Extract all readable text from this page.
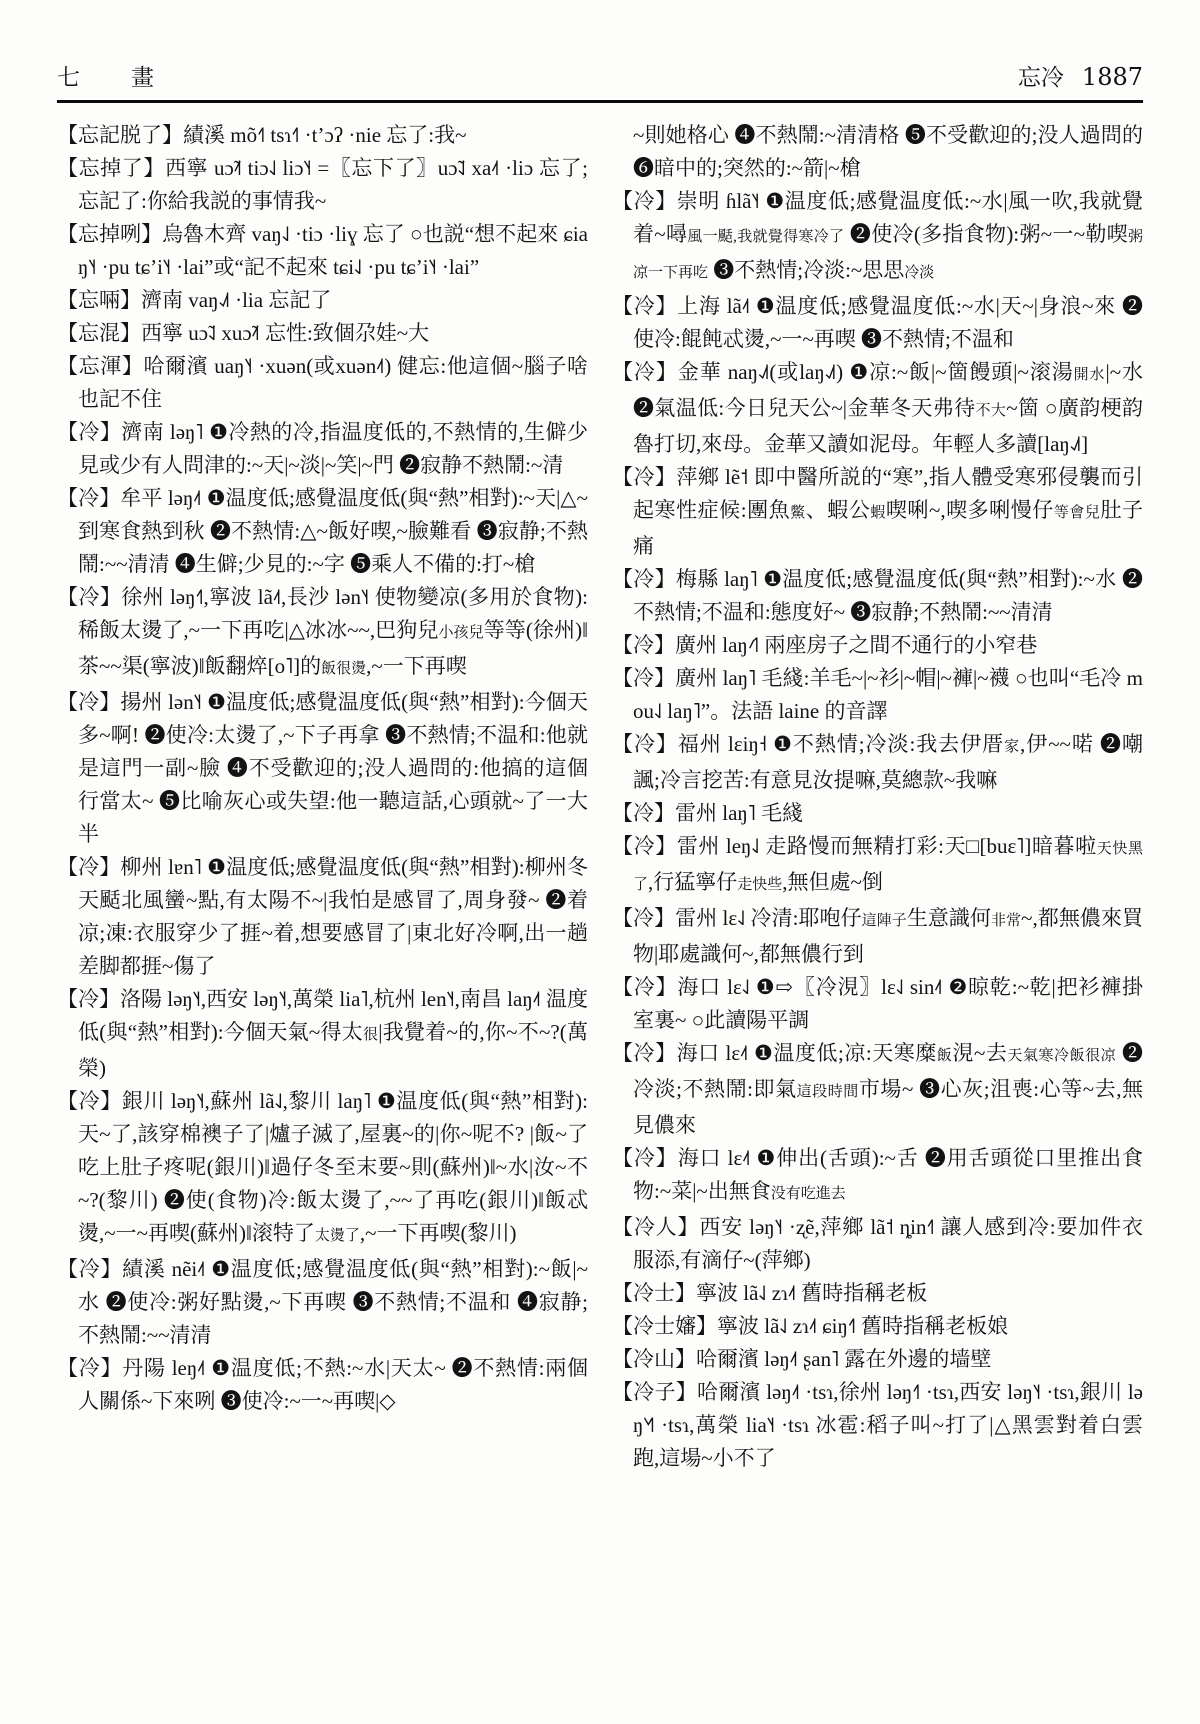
七　畫	忘冷 1887

【忘記脱了】績溪 mõ˧˥ tsɿ˧˥ ·tʼɔʔ ·nie 忘了:我~

【忘掉了】西寧 uɔ̃˨˦ tiɔ˨˩ liɔ˥˧ =〖忘下了〗uɔ̃˨˩ xa˨˦ ·liɔ 忘了;忘記了:你給我説的事情我~

【忘掉咧】烏魯木齊 vaŋ˨˩ ·tiɔ ·liɣ 忘了 ○也説“想不起來 ɕiaŋ˥˧ ·pu tɕʼi˥˧ ·lai”或“記不起來 tɕi˨˩ ·pu tɕʼi˥˧ ·lai”

【忘啢】濟南 vaŋ˨˩˦ ·lia 忘記了

【忘混】西寧 uɔ̃˨˩ xuɔ̃˨˦ 忘性:致個尕娃~大

【忘渾】哈爾濱 uaŋ˥˧ ·xuən(或xuən˨˦) 健忘:他這個~腦子啥也記不住

【冷】濟南 ləŋ˥ ❶冷熱的冷,指温度低的,不熱情的,生僻少見或少有人問津的:~天|~淡|~笑|~門 ❷寂静不熱鬧:~清

【冷】牟平 ləŋ˨˦ ❶温度低;感覺温度低(與“熱”相對):~天|△~到寒食熱到秋 ❷不熱情:△~飯好喫,~臉難看 ❸寂静;不熱鬧:~~清清 ❹生僻;少見的:~字 ❺乘人不備的:打~槍

【冷】徐州 ləŋ˧˥,寧波 lã˨˦,長沙 lən˥˧ 使物變凉(多用於食物):稀飯太燙了,~一下再吃|△冰冰~~,巴狗兒小孩兒等等(徐州)‖茶~~渠(寧波)‖飯翻焠[o˥]的飯很燙,~一下再喫

【冷】揚州 lən˥˧ ❶温度低;感覺温度低(與“熱”相對):今個天多~啊! ❷使冷:太燙了,~下子再拿 ❸不熱情;不温和:他就是這門一副~臉 ❹不受歡迎的;没人過問的:他搞的這個行當太~ ❺比喻灰心或失望:他一聽這話,心頭就~了一大半

【冷】柳州 lɐn˥ ❶温度低;感覺温度低(與“熱”相對):柳州冬天颳北風蠻~點,有太陽不~|我怕是感冒了,周身發~ ❷着凉;凍:衣服穿少了捱~着,想要感冒了|東北好冷啊,出一趟差脚都捱~傷了

【冷】洛陽 ləŋ˥˧,西安 ləŋ˥˧,萬榮 lia˥,杭州 len˥˧,南昌 laŋ˨˦ 温度低(與“熱”相對):今個天氣~得太很|我覺着~的,你~不~?(萬榮)

【冷】銀川 ləŋ˥˧,蘇州 lã˨˩,黎川 laŋ˥ ❶温度低(與“熱”相對):天~了,該穿棉襖子了|爐子滅了,屋裏~的|你~呢不? |飯~了吃上肚子疼呢(銀川)‖過仔冬至末要~則(蘇州)‖~水|汝~不~?(黎川) ❷使(食物)冷:飯太燙了,~~了再吃(銀川)‖飯忒燙,~一~再喫(蘇州)‖滚特了太燙了,~一下再喫(黎川)

【冷】績溪 nẽi˨˦ ❶温度低;感覺温度低(與“熱”相對):~飯|~水 ❷使冷:粥好點燙,~下再喫 ❸不熱情;不温和 ❹寂静;不熱鬧:~~清清

【冷】丹陽 leŋ˨˦ ❶温度低;不熱:~水|天太~ ❷不熱情:兩個人關係~下來咧 ❸使冷:~一~再喫|◇

~則她格心 ❹不熱鬧:~清清格 ❺不受歡迎的;没人過問的 ❻暗中的;突然的:~箭|~槍

【冷】崇明 ɦlã˥˧ ❶温度低;感覺温度低:~水|風一吹,我就覺着~噚風一颳,我就覺得寒冷了 ❷使冷(多指食物):粥~一~勒喫粥凉一下再吃 ❸不熱情;冷淡:~思思冷淡

【冷】上海 lã˨˦ ❶温度低;感覺温度低:~水|天~|身浪~來 ❷使冷:餛飩忒燙,~一~再喫 ❸不熱情;不温和

【冷】金華 naŋ˨˩˦(或laŋ˨˩˦) ❶凉:~飯|~箇饅頭|~滚湯開水|~水 ❷氣温低:今日兒天公~|金華冬天弗待不大~箇 ○廣韵梗韵魯打切,來母。金華又讀如泥母。年輕人多讀[laŋ˨˩˦]

【冷】萍鄉 lẽ˦ 即中醫所説的“寒”,指人體受寒邪侵襲而引起寒性症候:團魚鱉、蝦公蝦喫唎~,喫多唎慢仔等會兒肚子痛

【冷】梅縣 laŋ˥ ❶温度低;感覺温度低(與“熱”相對):~水 ❷不熱情;不温和:態度好~ ❸寂静;不熱鬧:~~清清

【冷】廣州 laŋ˨˦˥ 兩座房子之間不通行的小窄巷

【冷】廣州 laŋ˥ 毛綫:羊毛~|~衫|~帽|~褲|~襪 ○也叫“毛冷 mou˨˩ laŋ˥”。法語 laine 的音譯

【冷】福州 lɛiŋ˧ ❶不熱情;冷淡:我去伊厝家,伊~~喏 ❷嘲諷;冷言挖苦:有意見汝提嘛,莫總款~我嘛

【冷】雷州 laŋ˥ 毛綫

【冷】雷州 leŋ˨˩ 走路慢而無精打彩:天□[buɛ˥]暗暮啦天快黑了,行猛寧仔走快些,無但處~倒

【冷】雷州 lɛ˨˩ 冷清:耶咆仔這陣子生意識何非常~,都無儂來買物|耶處識何~,都無儂行到

【冷】海口 lɛ˨˩ ❶⇨〖冷涀〗lɛ˨˩ sin˨˦ ❷晾乾:~乾|把衫褲掛室裏~ ○此讀陽平調

【冷】海口 lɛ˨˦ ❶温度低;凉:天寒糜飯涀~去天氣寒冷飯很凉 ❷冷淡;不熱鬧:即氣這段時間市場~ ❸心灰;沮喪:心等~去,無見儂來

【冷】海口 lɛ˨˦ ❶伸出(舌頭):~舌 ❷用舌頭從口里推出食物:~菜|~出無食没有吃進去

【冷人】西安 ləŋ˥˧ ·ʐẽ,萍鄉 lã˦ ȵin˧˥ 讓人感到冷:要加件衣服添,有滴仔~(萍鄉)

【冷士】寧波 lã˨˩ zɿ˨˦ 舊時指稱老板

【冷士嬸】寧波 lã˨˩ zɿ˨˦ ɕiŋ˧˥ 舊時指稱老板娘

【冷山】哈爾濱 ləŋ˨˦ ʂan˥ 露在外邊的墙壁

【冷子】哈爾濱 ləŋ˨˦ ·tsɿ,徐州 ləŋ˧˥ ·tsɿ,西安 ləŋ˥˧ ·tsɿ,銀川 ləŋ˥˧˥ ·tsɿ,萬榮 lia˥˧ ·tsɿ 冰雹:稻子叫~打了|△黑雲對着白雲跑,這場~小不了
